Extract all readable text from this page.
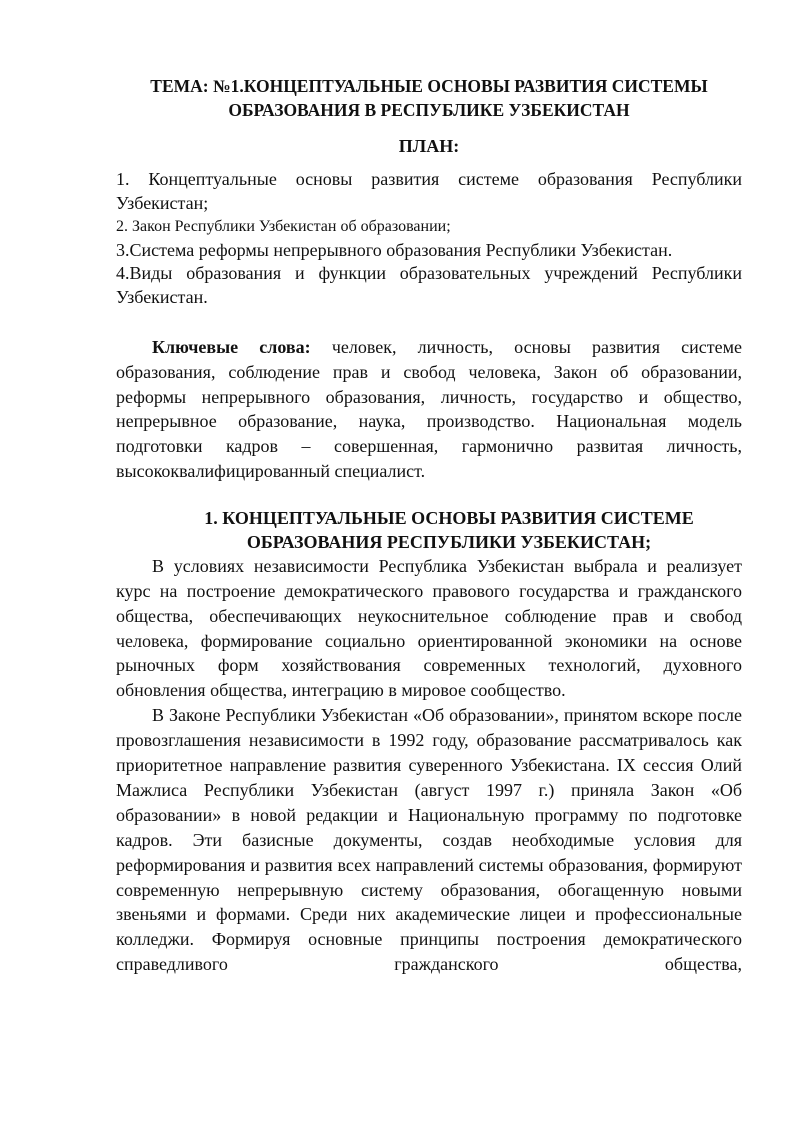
ТЕМА: №1.КОНЦЕПТУАЛЬНЫЕ ОСНОВЫ РАЗВИТИЯ СИСТЕМЫ
ОБРАЗОВАНИЯ В РЕСПУБЛИКЕ УЗБЕКИСТАН

ПЛАН:

1. Концептуальные основы развития системе образования Республики Узбекистан;
2. Закон Республики Узбекистан об образовании;
3.Система реформы непрерывного образования Республики Узбекистан.
4.Виды образования и функции образовательных учреждений Республики Узбекистан.

Ключевые слова: человек, личность, основы развития системе образования, соблюдение прав и свобод человека, Закон об образовании, реформы непрерывного образования, личность, государство и общество, непрерывное образование, наука, производство. Национальная модель подготовки кадров – совершенная, гармонично развитая личность, высококвалифицированный специалист.

1. КОНЦЕПТУАЛЬНЫЕ ОСНОВЫ РАЗВИТИЯ СИСТЕМЕ
ОБРАЗОВАНИЯ РЕСПУБЛИКИ УЗБЕКИСТАН;

В условиях независимости Республика Узбекистан выбрала и реализует курс на построение демократического правового государства и гражданского общества, обеспечивающих неукоснительное соблюдение прав и свобод человека, формирование социально ориентированной экономики на основе рыночных форм хозяйствования современных технологий, духовного обновления общества, интеграцию в мировое сообщество.

В Законе Республики Узбекистан «Об образовании», принятом вскоре после провозглашения независимости в 1992 году, образование рассматривалось как приоритетное направление развития суверенного Узбекистана. IX сессия Олий Мажлиса Республики Узбекистан (август 1997 г.) приняла Закон «Об образовании» в новой редакции и Национальную программу по подготовке кадров. Эти базисные документы, создав необходимые условия для реформирования и развития всех направлений системы образования, формируют современную непрерывную систему образования, обогащенную новыми звеньями и формами. Среди них академические лицеи и профессиональные колледжи. Формируя основные принципы построения демократического справедливого гражданского общества,
